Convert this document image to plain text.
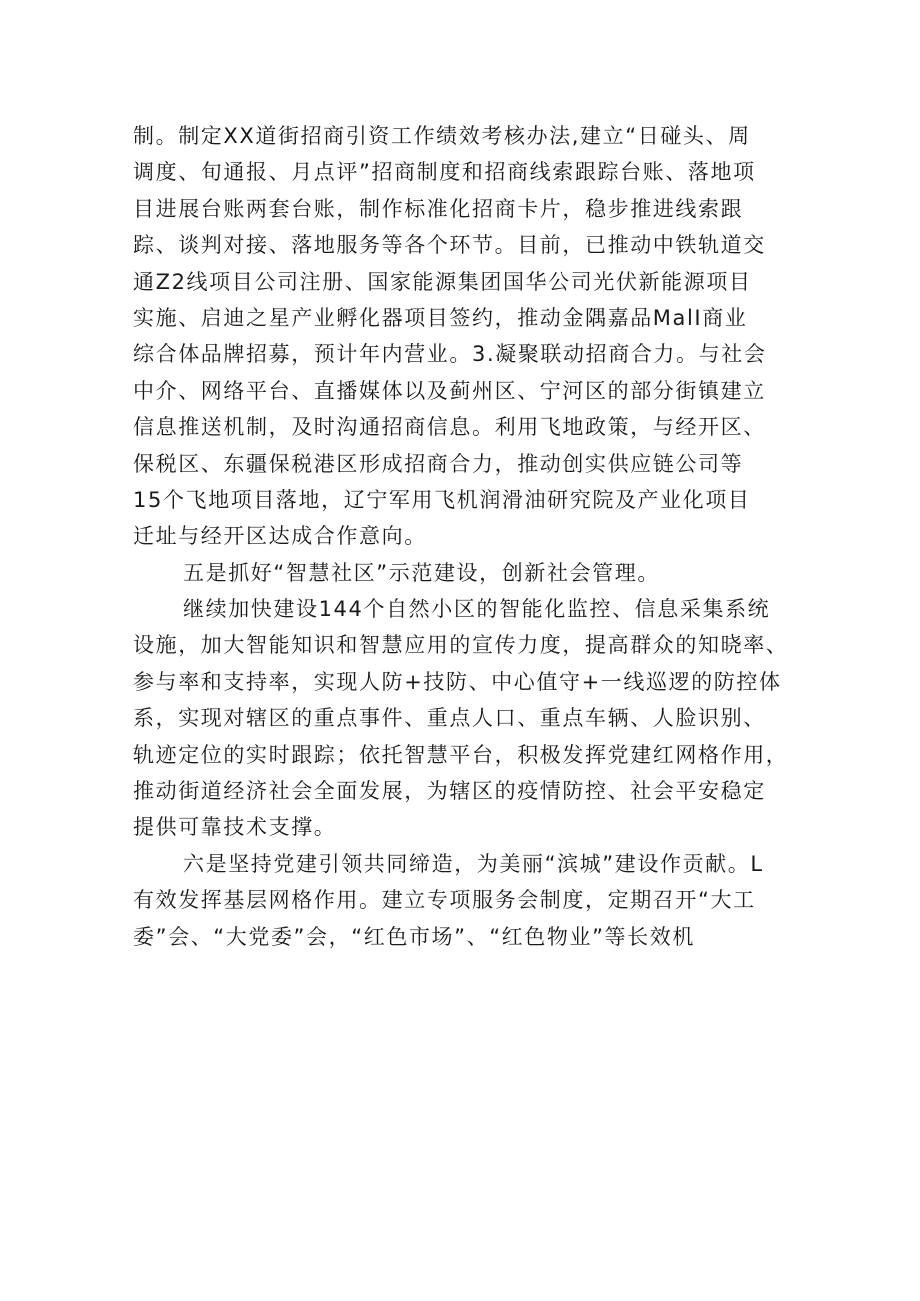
制。制定XX道街招商引资工作绩效考核办法,建立“日碰头、周
调度、旬通报、月点评”招商制度和招商线索跟踪台账、落地项
目进展台账两套台账，制作标准化招商卡片，稳步推进线索跟
踪、谈判对接、落地服务等各个环节。目前，已推动中铁轨道交
通Z2线项目公司注册、国家能源集团国华公司光伏新能源项目
实施、启迪之星产业孵化器项目签约，推动金隅嘉品MalI商业
综合体品牌招募，预计年内营业。3.凝聚联动招商合力。与社会
中介、网络平台、直播媒体以及蓟州区、宁河区的部分街镇建立
信息推送机制，及时沟通招商信息。利用飞地政策，与经开区、
保税区、东疆保税港区形成招商合力，推动创实供应链公司等
15个飞地项目落地，辽宁军用飞机润滑油研究院及产业化项目
迁址与经开区达成合作意向。
五是抓好“智慧社区”示范建设，创新社会管理。
继续加快建设144个自然小区的智能化监控、信息采集系统
设施，加大智能知识和智慧应用的宣传力度，提高群众的知晓率、
参与率和支持率，实现人防+技防、中心值守+一线巡逻的防控体
系，实现对辖区的重点事件、重点人口、重点车辆、人脸识别、
轨迹定位的实时跟踪；依托智慧平台，积极发挥党建红网格作用，
推动街道经济社会全面发展，为辖区的疫情防控、社会平安稳定
提供可靠技术支撑。
六是坚持党建引领共同缔造，为美丽“滨城”建设作贡献。L
有效发挥基层网格作用。建立专项服务会制度，定期召开“大工
委”会、“大党委”会，“红色市场”、“红色物业”等长效机
